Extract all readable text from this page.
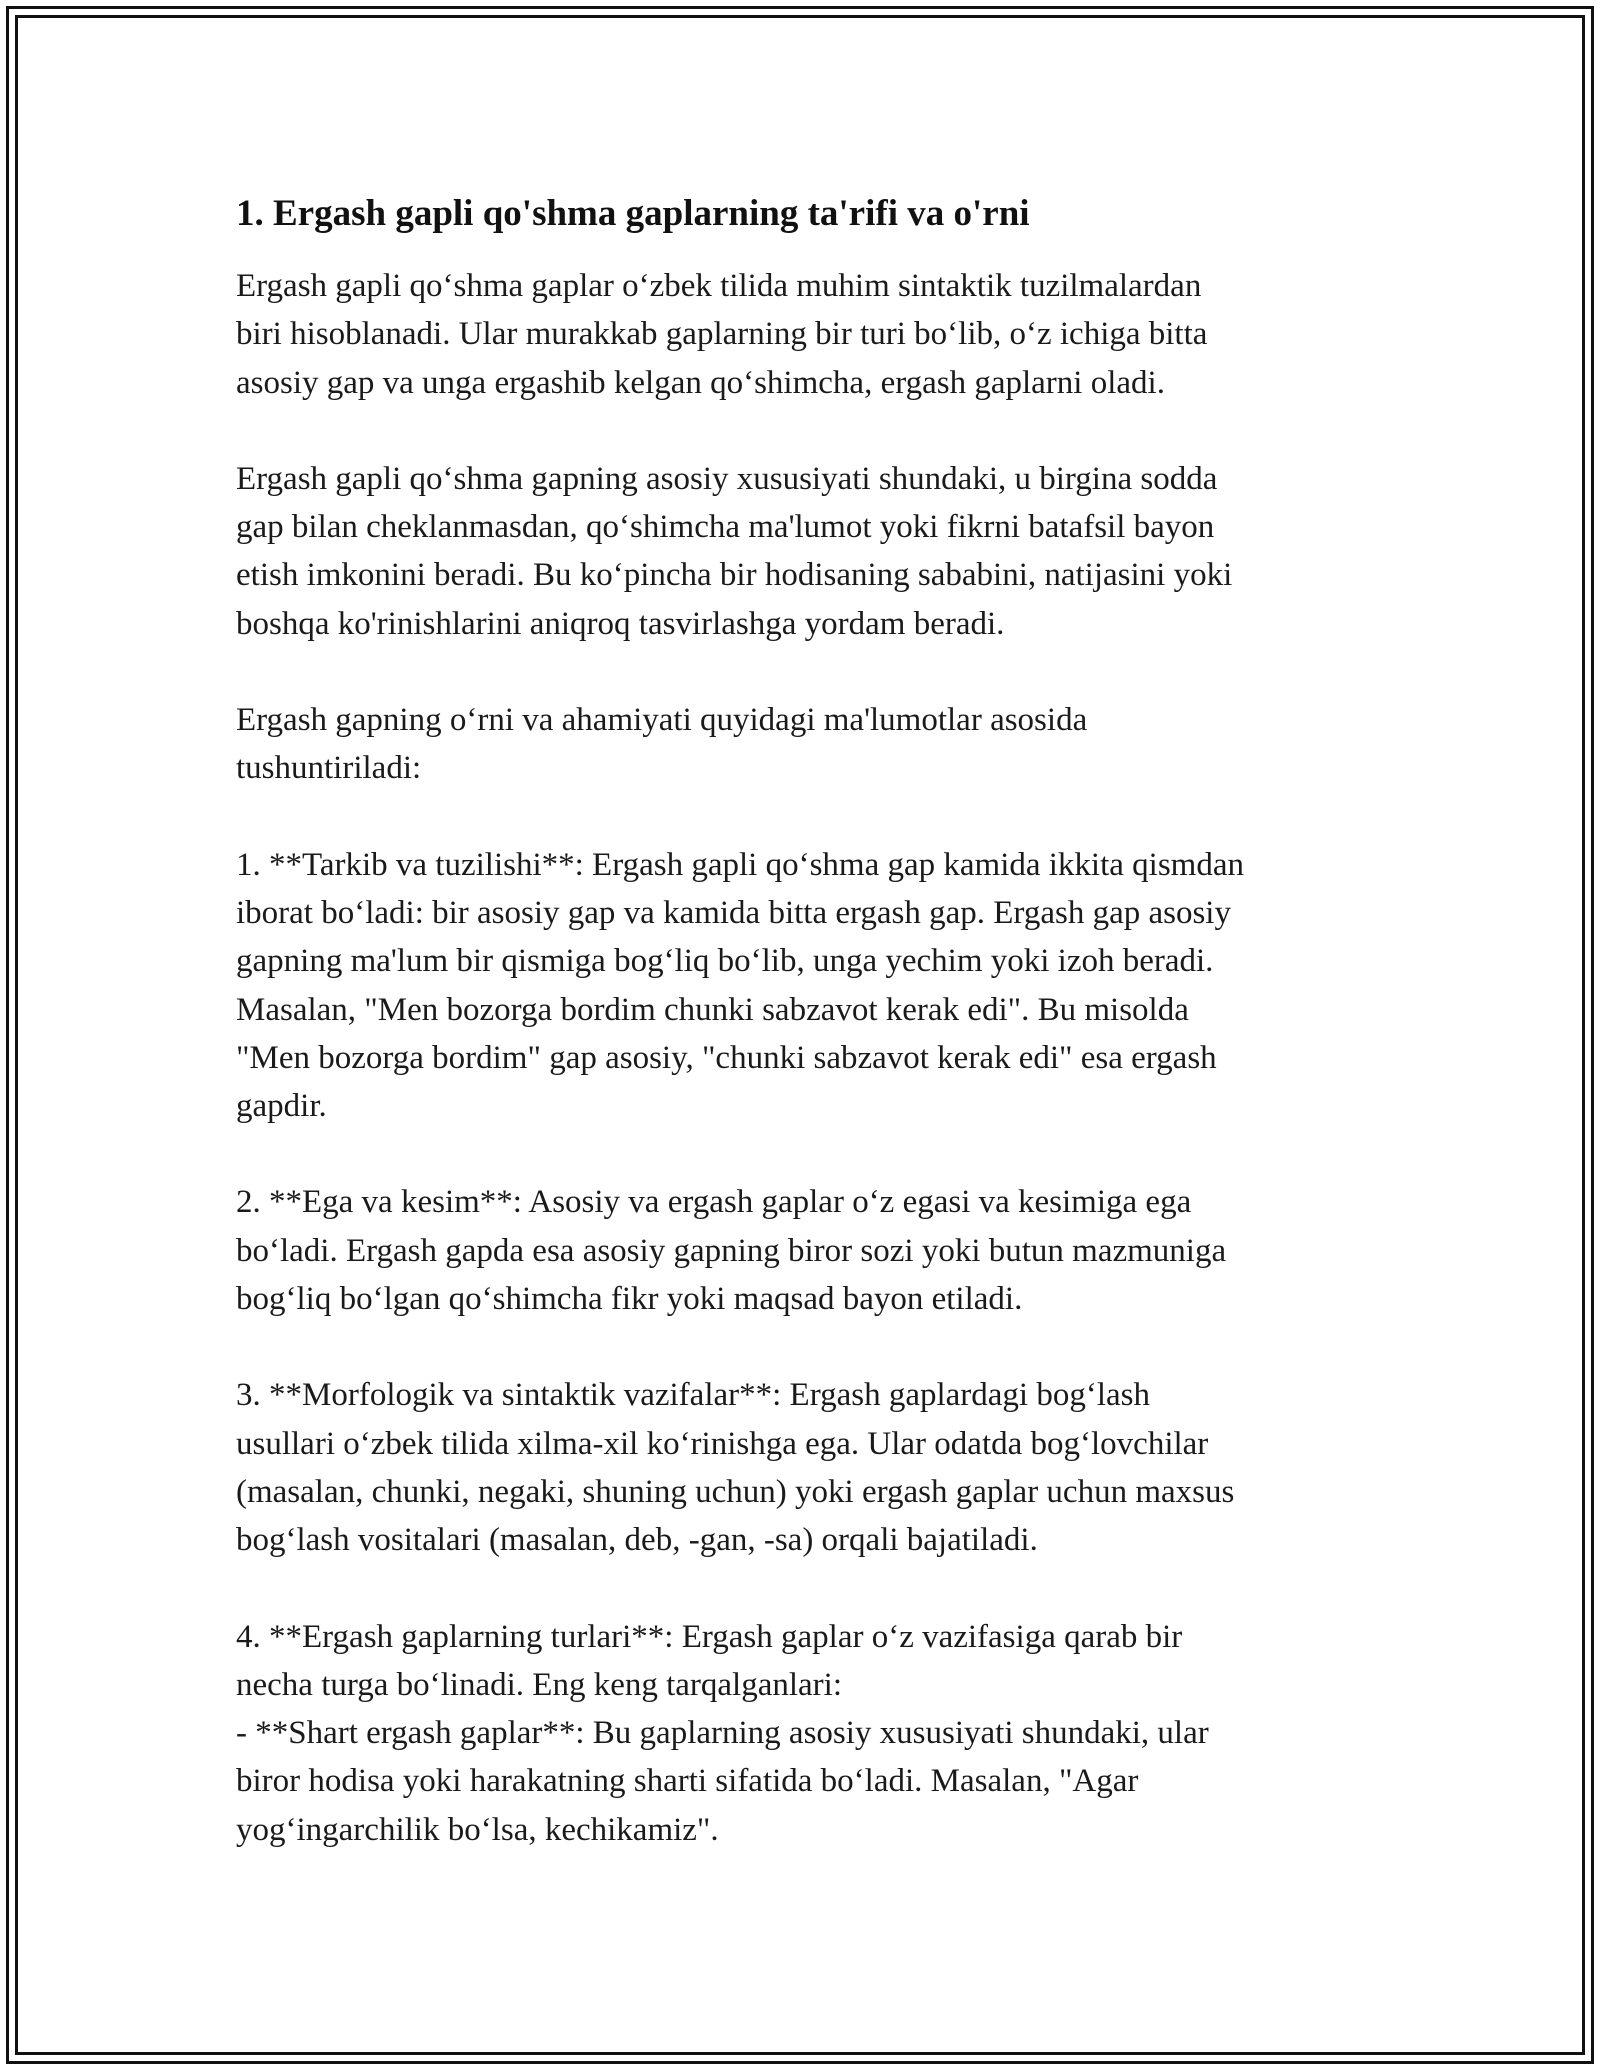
1. Ergash gapli qo'shma gaplarning ta'rifi va o'rni

Ergash gapli qo‘shma gaplar o‘zbek tilida muhim sintaktik tuzilmalardan
biri hisoblanadi. Ular murakkab gaplarning bir turi bo‘lib, o‘z ichiga bitta
asosiy gap va unga ergashib kelgan qo‘shimcha, ergash gaplarni oladi.

Ergash gapli qo‘shma gapning asosiy xususiyati shundaki, u birgina sodda
gap bilan cheklanmasdan, qo‘shimcha ma'lumot yoki fikrni batafsil bayon
etish imkonini beradi. Bu ko‘pincha bir hodisaning sababini, natijasini yoki
boshqa ko'rinishlarini aniqroq tasvirlashga yordam beradi.

Ergash gapning o‘rni va ahamiyati quyidagi ma'lumotlar asosida
tushuntiriladi:

1. **Tarkib va tuzilishi**: Ergash gapli qo‘shma gap kamida ikkita qismdan
iborat bo‘ladi: bir asosiy gap va kamida bitta ergash gap. Ergash gap asosiy
gapning ma'lum bir qismiga bog‘liq bo‘lib, unga yechim yoki izoh beradi.
Masalan, "Men bozorga bordim chunki sabzavot kerak edi". Bu misolda
"Men bozorga bordim" gap asosiy, "chunki sabzavot kerak edi" esa ergash
gapdir.

2. **Ega va kesim**: Asosiy va ergash gaplar o‘z egasi va kesimiga ega
bo‘ladi. Ergash gapda esa asosiy gapning biror sozi yoki butun mazmuniga
bog‘liq bo‘lgan qo‘shimcha fikr yoki maqsad bayon etiladi.

3. **Morfologik va sintaktik vazifalar**: Ergash gaplardagi bog‘lash
usullari o‘zbek tilida xilma-xil ko‘rinishga ega. Ular odatda bog‘lovchilar
(masalan, chunki, negaki, shuning uchun) yoki ergash gaplar uchun maxsus
bog‘lash vositalari (masalan, deb, -gan, -sa) orqali bajatiladi.

4. **Ergash gaplarning turlari**: Ergash gaplar o‘z vazifasiga qarab bir
necha turga bo‘linadi. Eng keng tarqalganlari:
- **Shart ergash gaplar**: Bu gaplarning asosiy xususiyati shundaki, ular
biror hodisa yoki harakatning sharti sifatida bo‘ladi. Masalan, "Agar
yog‘ingarchilik bo‘lsa, kechikamiz".
